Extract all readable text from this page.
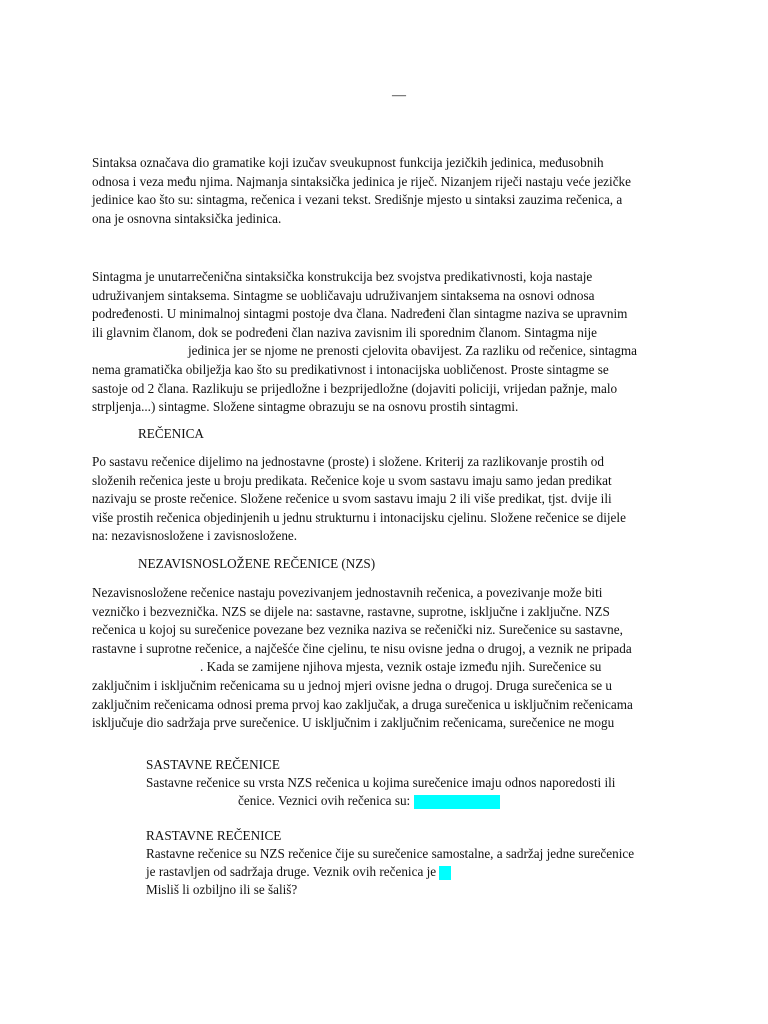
—

Sintaksa označava dio gramatike koji izučav sveukupnost funkcija jezičkih jedinica, međusobnih
odnosa i veza među njima. Najmanja sintaksička jedinica je riječ. Nizanjem riječi nastaju veće jezičke
jedinice kao što su: sintagma, rečenica i vezani tekst. Središnje mjesto u sintaksi zauzima rečenica, a
ona je osnovna sintaksička jedinica.

Sintagma je unutarrečenična sintaksička konstrukcija bez svojstva predikativnosti, koja nastaje
udruživanjem sintaksema. Sintagme se uobličavaju udruživanjem sintaksema na osnovi odnosa
podređenosti. U minimalnoj sintagmi postoje dva člana. Nadređeni član sintagme naziva se upravnim
ili glavnim članom, dok se podređeni član naziva zavisnim ili sporednim članom. Sintagma nije
jedinica jer se njome ne prenosti cjelovita obavijest. Za razliku od rečenice, sintagma
nema gramatička obilježja kao što su predikativnost i intonacijska uobličenost. Proste sintagme se
sastoje od 2 člana. Razlikuju se prijedložne i bezprijedložne (dojaviti policiji, vrijedan pažnje, malo
strpljenja...) sintagme. Složene sintagme obrazuju se na osnovu prostih sintagmi.

REČENICA

Po sastavu rečenice dijelimo na jednostavne (proste) i složene. Kriterij za razlikovanje prostih od
složenih rečenica jeste u broju predikata. Rečenice koje u svom sastavu imaju samo jedan predikat
nazivaju se proste rečenice. Složene rečenice u svom sastavu imaju 2 ili više predikat, tjst. dvije ili
više prostih rečenica objedinjenih u jednu strukturnu i intonacijsku cjelinu. Složene rečenice se dijele
na: nezavisnosložene i zavisnosložene.

NEZAVISNOSLOŽENE REČENICE (NZS)

Nezavisnosložene rečenice nastaju povezivanjem jednostavnih rečenica, a povezivanje može biti
vezničko i bezveznička. NZS se dijele na: sastavne, rastavne, suprotne, isključne i zaključne. NZS
rečenica u kojoj su surečenice povezane bez veznika naziva se rečenički niz. Surečenice su sastavne,
rastavne i suprotne rečenice, a najčešće čine cjelinu, te nisu ovisne jedna o drugoj, a veznik ne pripada
. Kada se zamijene njihova mjesta, veznik ostaje između njih. Surečenice su
zaključnim i isključnim rečenicama su u jednoj mjeri ovisne jedna o drugoj. Druga surečenica se u
zaključnim rečenicama odnosi prema prvoj kao zaključak, a druga surečenica u isključnim rečenicama
isključuje dio sadržaja prve surečenice. U isključnim i zaključnim rečenicama, surečenice ne mogu

SASTAVNE REČENICE

Sastavne rečenice su vrsta NZS rečenica u kojima surečenice imaju odnos naporedosti ili
čenice. Veznici ovih rečenica su:

RASTAVNE REČENICE

Rastavne rečenice su NZS rečenice čije su surečenice samostalne, a sadržaj jedne surečenice
je rastavljen od sadržaja druge. Veznik ovih rečenica je
Misliš li ozbiljno ili se šališ?
